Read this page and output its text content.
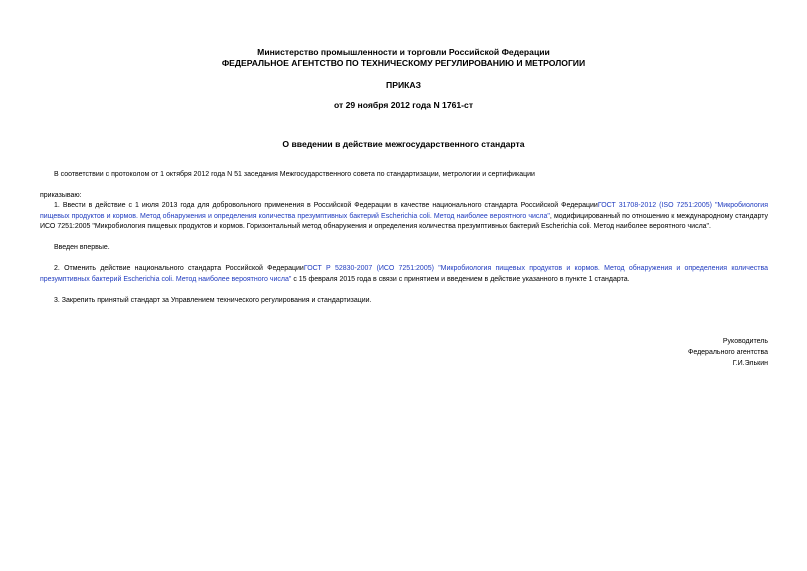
Министерство промышленности и торговли Российской Федерации
ФЕДЕРАЛЬНОЕ АГЕНТСТВО ПО ТЕХНИЧЕСКОМУ РЕГУЛИРОВАНИЮ И МЕТРОЛОГИИ
ПРИКАЗ
от 29 ноября 2012 года N 1761-ст
О введении в действие межгосударственного стандарта
В соответствии с протоколом от 1 октября 2012 года N 51 заседания Межгосударственного совета по стандартизации, метрологии и сертификации
приказываю:
1. Ввести в действие с 1 июля 2013 года для добровольного применения в Российской Федерации в качестве национального стандарта Российской ФедерацииГОСТ 31708-2012 (ISO 7251:2005) "Микробиология пищевых продуктов и кормов. Метод обнаружения и определения количества презумптивных бактерий Escherichia coli. Метод наиболее вероятного числа", модифицированный по отношению к международному стандарту ИСО 7251:2005 "Микробиология пищевых продуктов и кормов. Горизонтальный метод обнаружения и определения количества презумптивных бактерий Escherichia coli. Метод наиболее вероятного числа".
Введен впервые.
2. Отменить действие национального стандарта Российской ФедерацииГОСТ Р 52830-2007 (ИСО 7251:2005) "Микробиология пищевых продуктов и кормов. Метод обнаружения и определения количества презумптивных бактерий Escherichia coli. Метод наиболее вероятного числа" с 15 февраля 2015 года в связи с принятием и введением в действие указанного в пункте 1 стандарта.
3. Закрепить принятый стандарт за Управлением технического регулирования и стандартизации.
Руководитель
Федерального агентства
Г.И.Элькин
